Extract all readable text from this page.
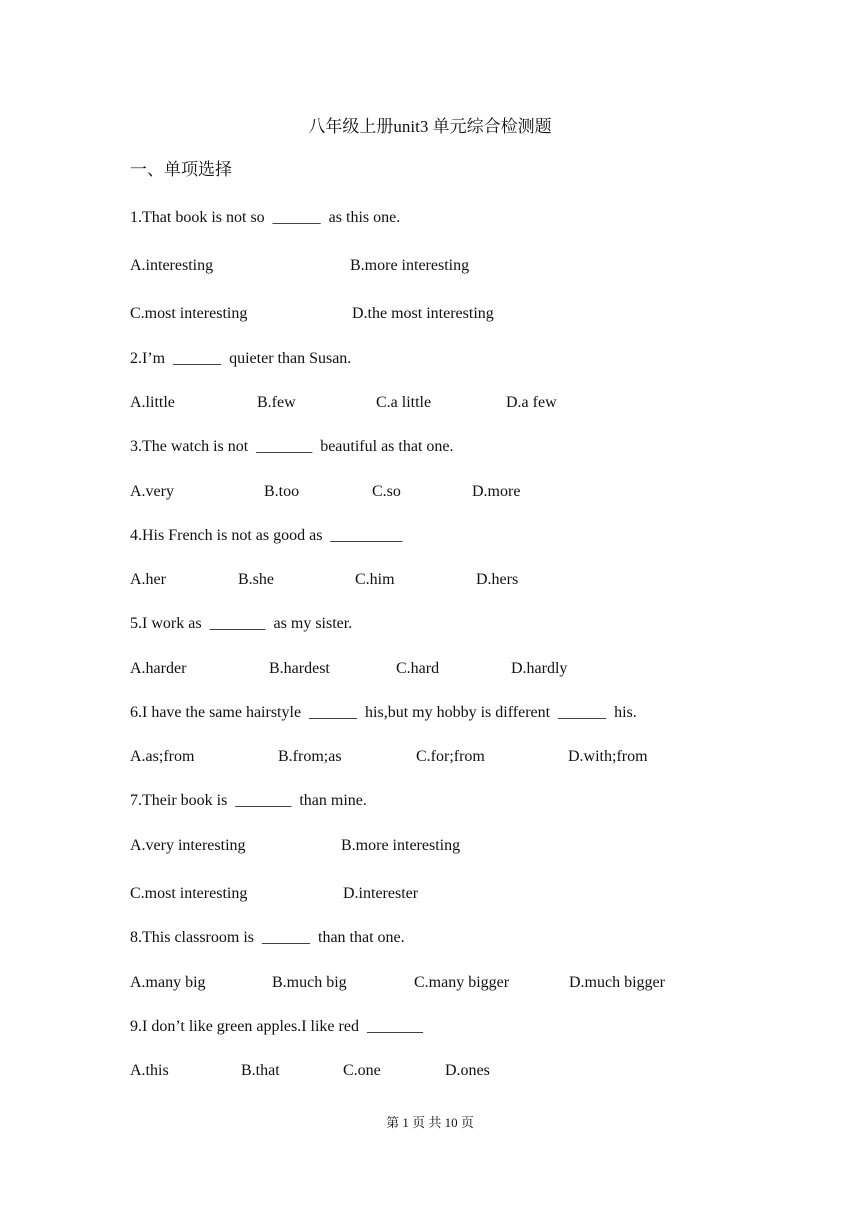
八年级上册unit3 单元综合检测题
一、单项选择
1.That book is not so  ______  as this one.
A.interesting	B.more interesting
C.most interesting	D.the most interesting
2.I’m  ______  quieter than Susan.
A.little	B.few	C.a little	D.a few
3.The watch is not  _______  beautiful as that one.
A.very	B.too	C.so	D.more
4.His French is not as good as  _________
A.her	B.she	C.him	D.hers
5.I work as  _______  as my sister.
A.harder	B.hardest	C.hard	D.hardly
6.I have the same hairstyle  ______  his,but my hobby is different  ______  his.
A.as;from	B.from;as	C.for;from	D.with;from
7.Their book is  _______  than mine.
A.very interesting	B.more interesting
C.most interesting	D.interester
8.This classroom is  ______  than that one.
A.many big	B.much big	C.many bigger	D.much bigger
9.I don’t like green apples.I like red  _______
A.this	B.that	C.one	D.ones
第 1 页 共 10 页
